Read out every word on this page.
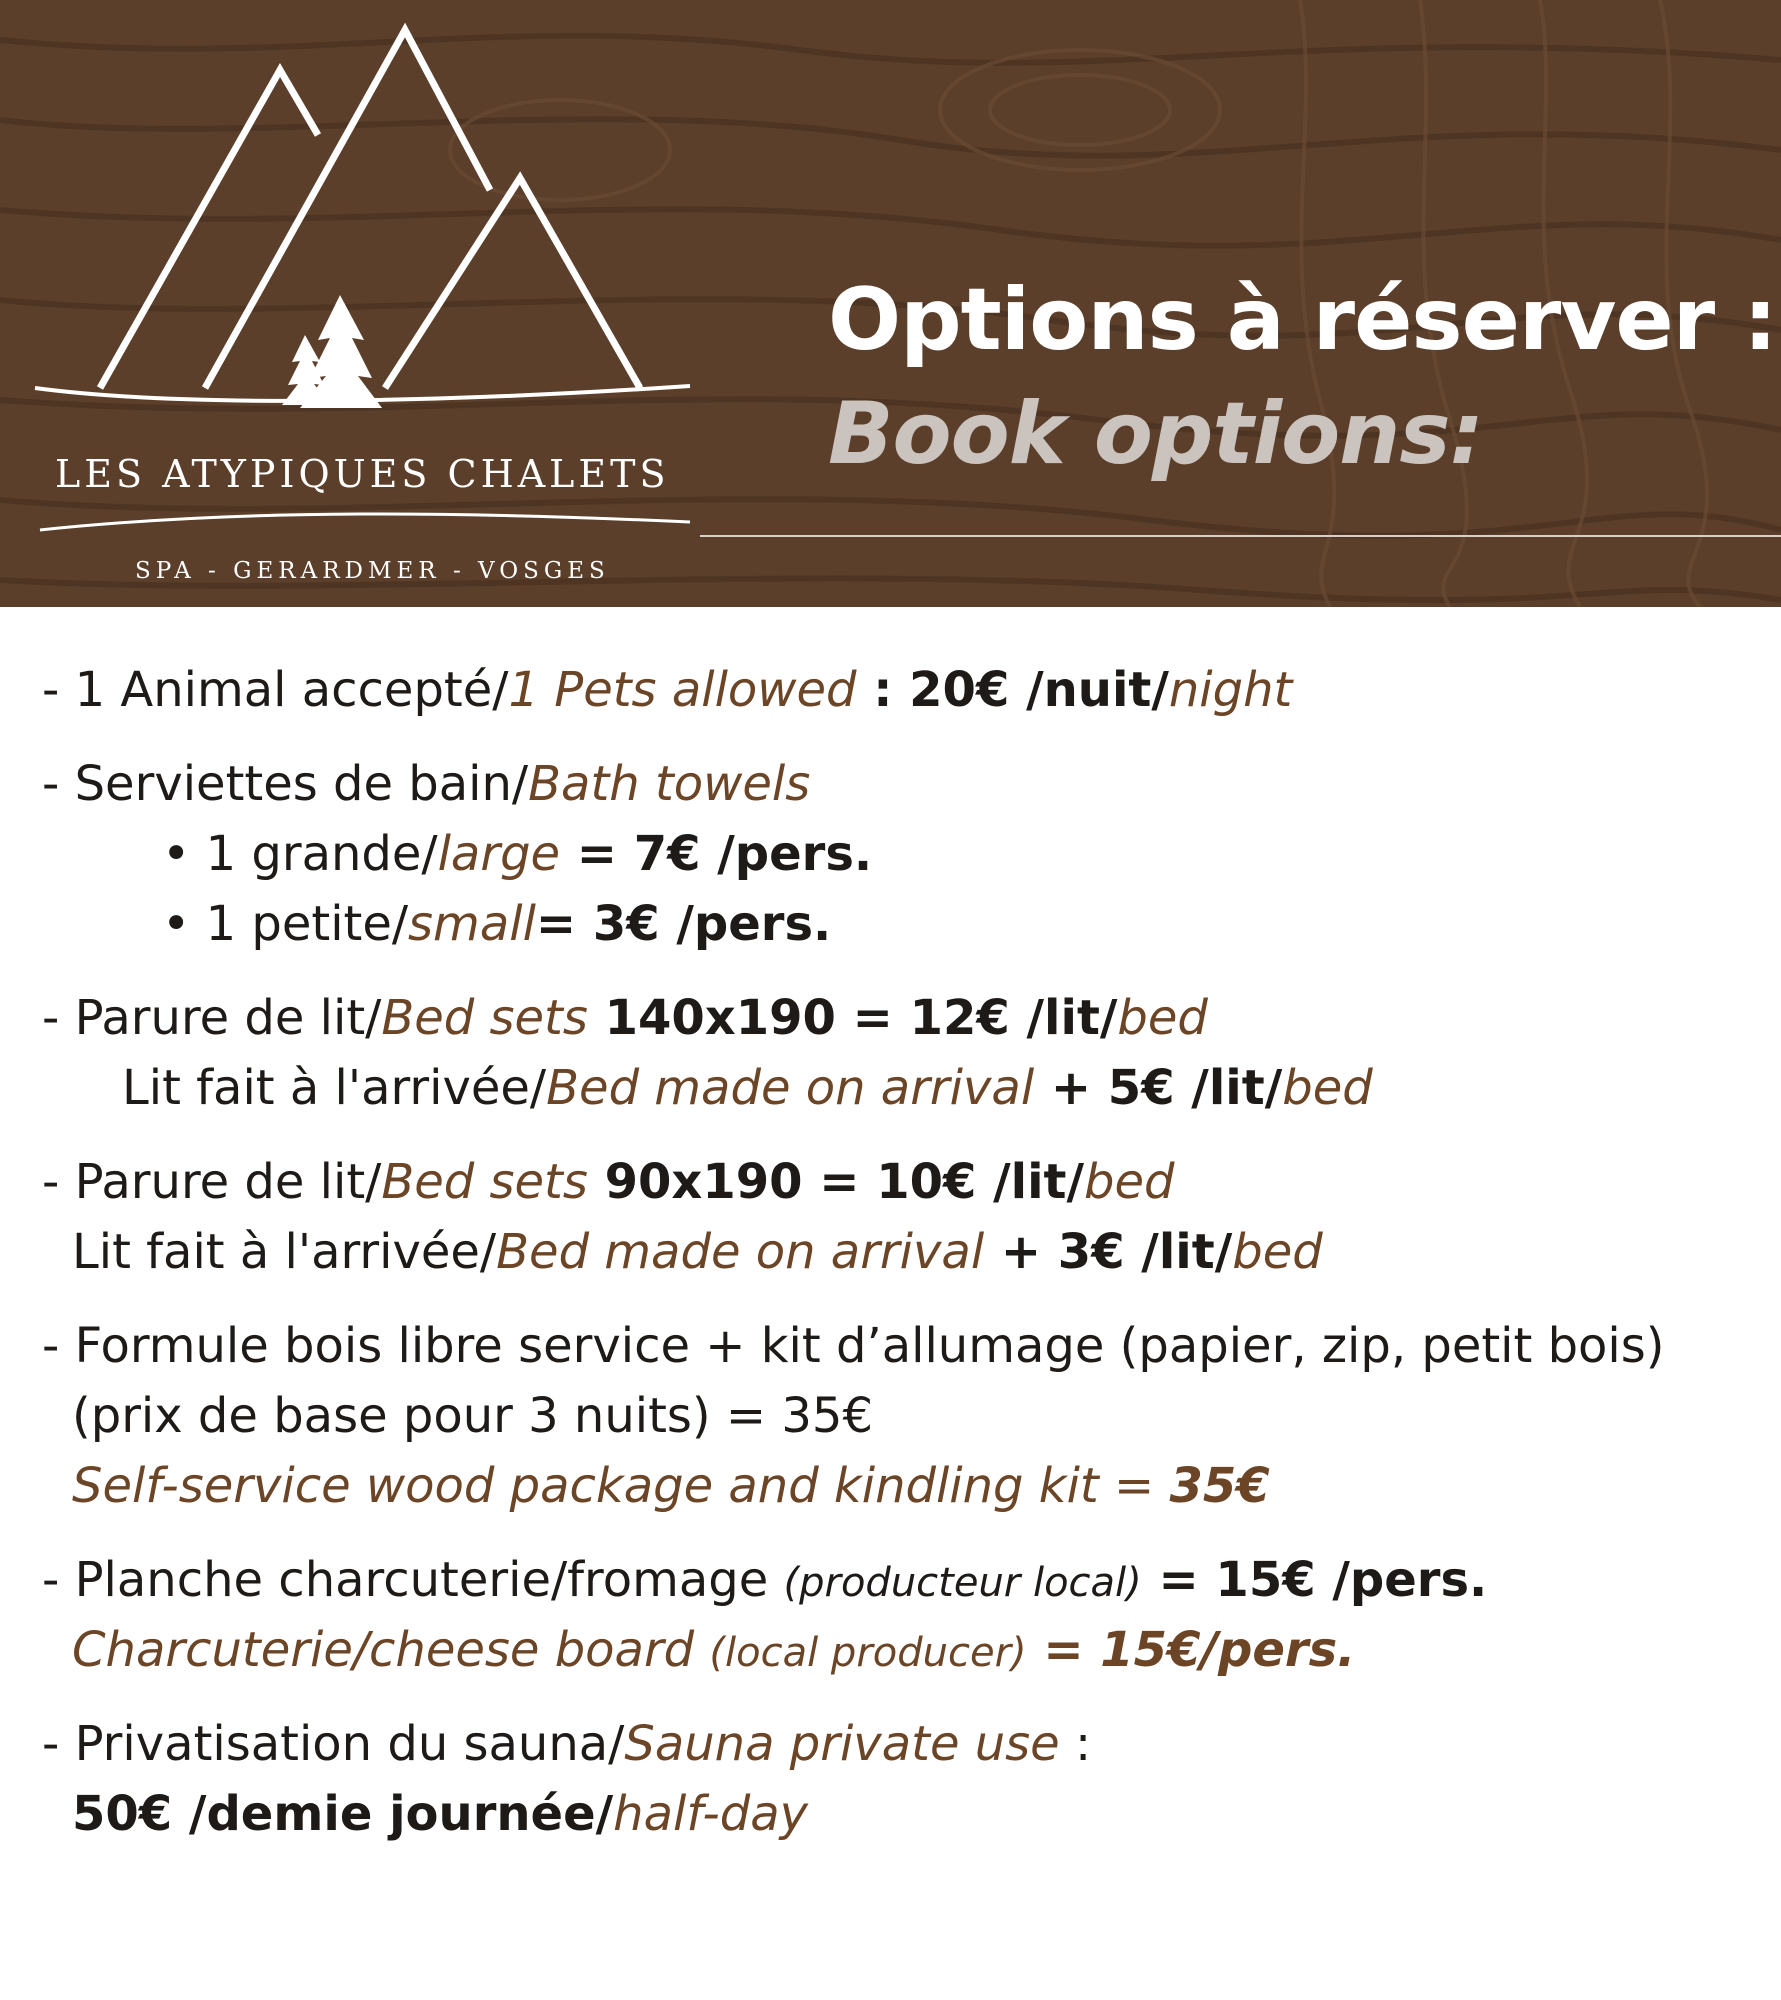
LES ATYPIQUES CHALETS
SPA - GERARDMER - VOSGES
Options à réserver :
Book options:
- 1 Animal accepté/1 Pets allowed : 20€ /nuit/night
- Serviettes de bain/Bath towels
• 1 grande/large = 7€ /pers.
• 1 petite/small= 3€ /pers.
- Parure de lit/Bed sets 140x190 = 12€ /lit/bed
Lit fait à l'arrivée/Bed made on arrival + 5€ /lit/bed
- Parure de lit/Bed sets 90x190 = 10€ /lit/bed
Lit fait à l'arrivée/Bed made on arrival + 3€ /lit/bed
- Formule bois libre service + kit d’allumage (papier, zip, petit bois)
(prix de base pour 3 nuits) = 35€
Self-service wood package and kindling kit = 35€
- Planche charcuterie/fromage (producteur local) = 15€ /pers.
Charcuterie/cheese board (local producer) = 15€/pers.
- Privatisation du sauna/Sauna private use :
50€ /demie journée/half-day
